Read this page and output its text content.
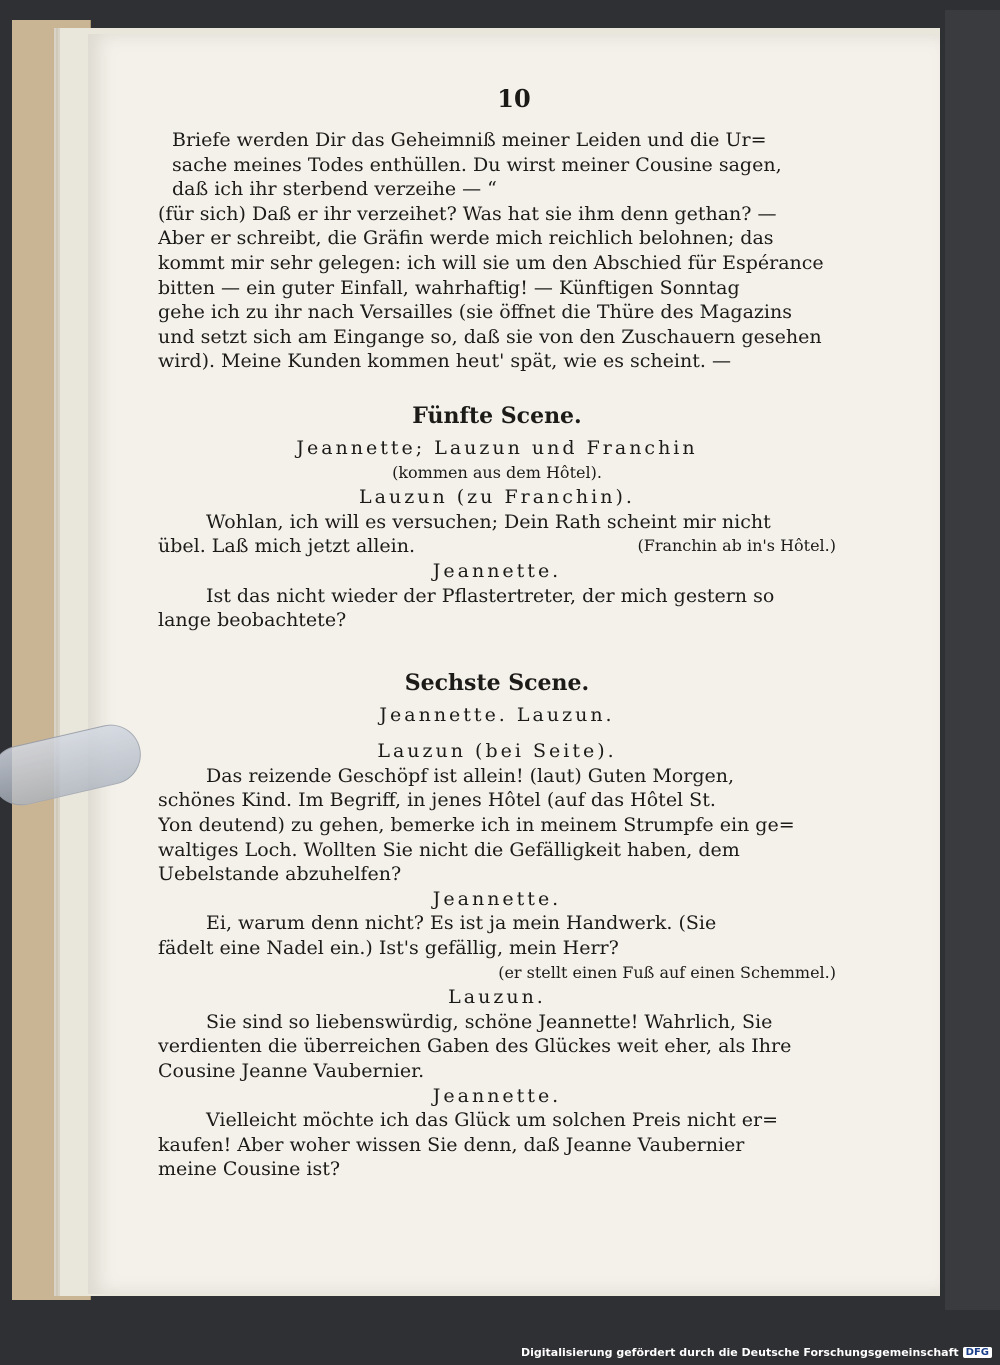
10
Briefe werden Dir das Geheimniß meiner Leiden und die Ur=
sache meines Todes enthüllen. Du wirst meiner Cousine sagen,
daß ich ihr sterbend verzeihe — “
(für sich) Daß er ihr verzeihet? Was hat sie ihm denn gethan? —
Aber er schreibt, die Gräfin werde mich reichlich belohnen; das
kommt mir sehr gelegen: ich will sie um den Abschied für Espérance
bitten — ein guter Einfall, wahrhaftig! — Künftigen Sonntag
gehe ich zu ihr nach Versailles (sie öffnet die Thüre des Magazins
und setzt sich am Eingange so, daß sie von den Zuschauern gesehen
wird). Meine Kunden kommen heut' spät, wie es scheint. —
Fünfte Scene.
Jeannette; Lauzun und Franchin
(kommen aus dem Hôtel).
Lauzun (zu Franchin).
Wohlan, ich will es versuchen; Dein Rath scheint mir nicht
übel. Laß mich jetzt allein.	(Franchin ab in's Hôtel.)
Jeannette.
Ist das nicht wieder der Pflastertreter, der mich gestern so
lange beobachtete?
Sechste Scene.
Jeannette. Lauzun.
Lauzun (bei Seite).
Das reizende Geschöpf ist allein! (laut) Guten Morgen,
schönes Kind. Im Begriff, in jenes Hôtel (auf das Hôtel St.
Yon deutend) zu gehen, bemerke ich in meinem Strumpfe ein ge=
waltiges Loch. Wollten Sie nicht die Gefälligkeit haben, dem
Uebelstande abzuhelfen?
Jeannette.
Ei, warum denn nicht? Es ist ja mein Handwerk. (Sie
fädelt eine Nadel ein.) Ist's gefällig, mein Herr?
(er stellt einen Fuß auf einen Schemmel.)
Lauzun.
Sie sind so liebenswürdig, schöne Jeannette! Wahrlich, Sie
verdienten die überreichen Gaben des Glückes weit eher, als Ihre
Cousine Jeanne Vaubernier.
Jeannette.
Vielleicht möchte ich das Glück um solchen Preis nicht er=
kaufen! Aber woher wissen Sie denn, daß Jeanne Vaubernier
meine Cousine ist?
Digitalisierung gefördert durch die Deutsche Forschungsgemeinschaft DFG
